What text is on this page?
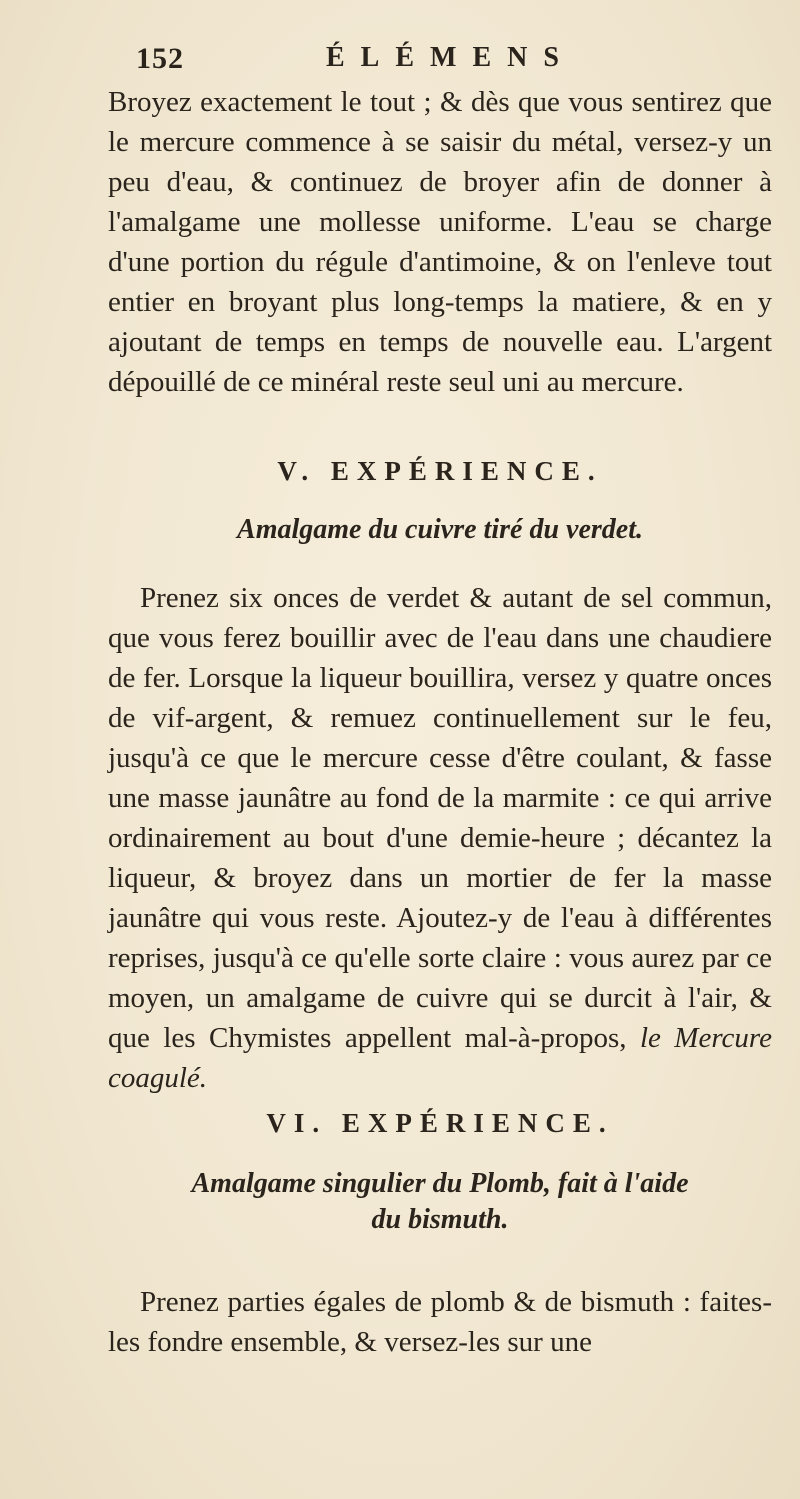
152	ÉLÉMENS

Broyez exactement le tout ; & dès que vous sentirez que le mercure commence à se saisir du métal, versez-y un peu d'eau, & continuez de broyer afin de donner à l'amalgame une mollesse uniforme. L'eau se charge d'une portion du régule d'antimoine, & on l'enleve tout entier en broyant plus long-temps la matiere, & en y ajoutant de temps en temps de nouvelle eau. L'argent dépouillé de ce minéral reste seul uni au mercure.

V. EXPÉRIENCE.
Amalgame du cuivre tiré du verdet.

Prenez six onces de verdet & autant de sel commun, que vous ferez bouillir avec de l'eau dans une chaudiere de fer. Lorsque la liqueur bouillira, versez y quatre onces de vif-argent, & remuez continuellement sur le feu, jusqu'à ce que le mercure cesse d'être coulant, & fasse une masse jaunâtre au fond de la marmite : ce qui arrive ordinairement au bout d'une demie-heure ; décantez la liqueur, & broyez dans un mortier de fer la masse jaunâtre qui vous reste. Ajoutez-y de l'eau à différentes reprises, jusqu'à ce qu'elle sorte claire : vous aurez par ce moyen, un amalgame de cuivre qui se durcit à l'air, & que les Chymistes appellent mal-à-propos, le Mercure coagulé.

VI. EXPÉRIENCE.
Amalgame singulier du Plomb, fait à l'aide
du bismuth.

Prenez parties égales de plomb & de bismuth : faites-les fondre ensemble, & versez-les sur une
